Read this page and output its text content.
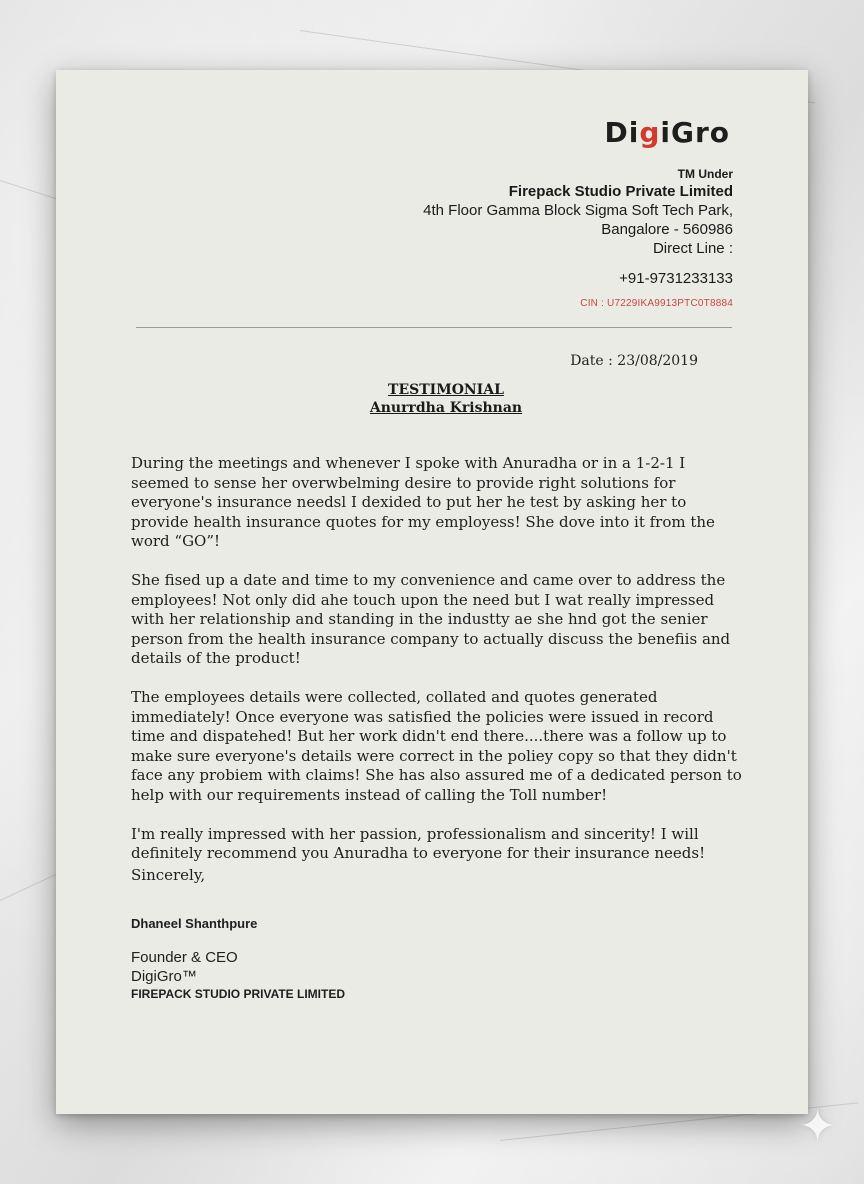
DigiGro
TM Under
Firepack Studio Private Limited
4th Floor Gamma Block Sigma Soft Tech Park,
Bangalore - 560986
Direct Line :
+91-9731233133
CIN : U7229IKA9913PTC0T8884
Date : 23/08/2019
TESTIMONIAL
Anurrdha Krishnan

During the meetings and whenever I spoke with Anuradha or in a 1-2-1 I seemed to sense her overwbelming desire to provide right solutions for everyone's insurance needsl I dexided to put her he test by asking her to provide health insurance quotes for my employess! She dove into it from the word “GO”!

She fised up a date and time to my convenience and came over to address the employees! Not only did ahe touch upon the need but I wat really impressed with her relationship and standing in the industty ae she hnd got the senier person from the health insurance company to actually discuss the benefiis and details of the product!

The employees details were collected, collated and quotes generated immediately! Once everyone was satisfied the policies were issued in record time and dispatehed! But her work didn't end there....there was a follow up to make sure everyone's details were correct in the poliey copy so that they didn't face any probiem with claims! She has also assured me of a dedicated person to help with our requirements instead of calling the Toll number!

I'm really impressed with her passion, professionalism and sincerity! I will definitely recommend you Anuradha to everyone for their insurance needs!

Sincerely,
Dhaneel Shanthpure
Founder & CEO
DigiGro™
FIREPACK STUDIO PRIVATE LIMITED
✦
